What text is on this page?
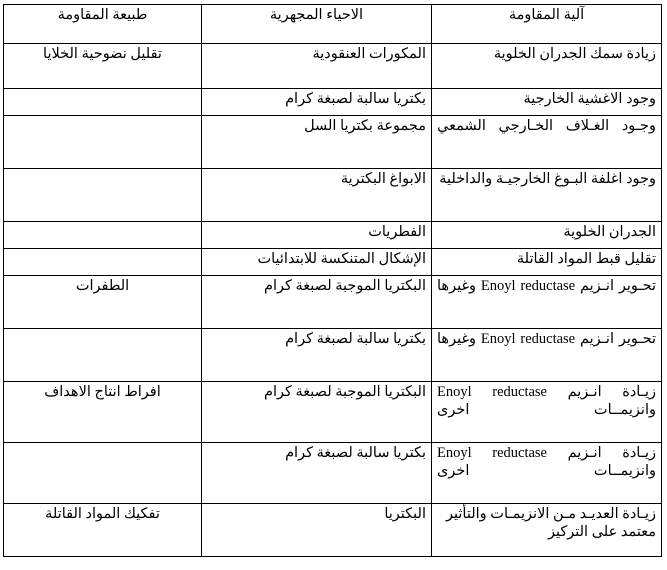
آلية المقاومة	الاحياء المجهرية	طبيعة المقاومة
زيادة سمك الجدران الخلوية	المكورات العنقودية	تقليل نضوحية الخلايا
وجود الاغشية الخارجية	بكتريا سالبة لصبغة كرام	
وجـود الغـلاف الخـارجي الشمعي	مجموعة بكتريا السل	
وجود اغلفة البـوغ الخارجيـة والداخلية	الابواغ البكترية	
الجدران الخلوية	الفطريات	
تقليل قبط المواد القاتلة	الإشكال المتنكسة للابتدائيات	
تحـوير انـزيم Enoyl reductase وغيرها	البكتريا الموجبة لصبغة كرام	الطفرات
تحـوير انـزيم Enoyl reductase وغيرها	بكتريا سالبة لصبغة كرام	
زيـادة انـزيم Enoyl reductase وانزيمــات اخرى	البكتريا الموجبة لصبغة كرام	افراط انتاج الاهداف
زيـادة انـزيم Enoyl reductase وانزيمــات اخرى	بكتريا سالبة لصبغة كرام	
زيـادة العديـد مـن الانزيمـات والتأثير معتمد على التركيز	البكتريا	تفكيك المواد القاتلة
